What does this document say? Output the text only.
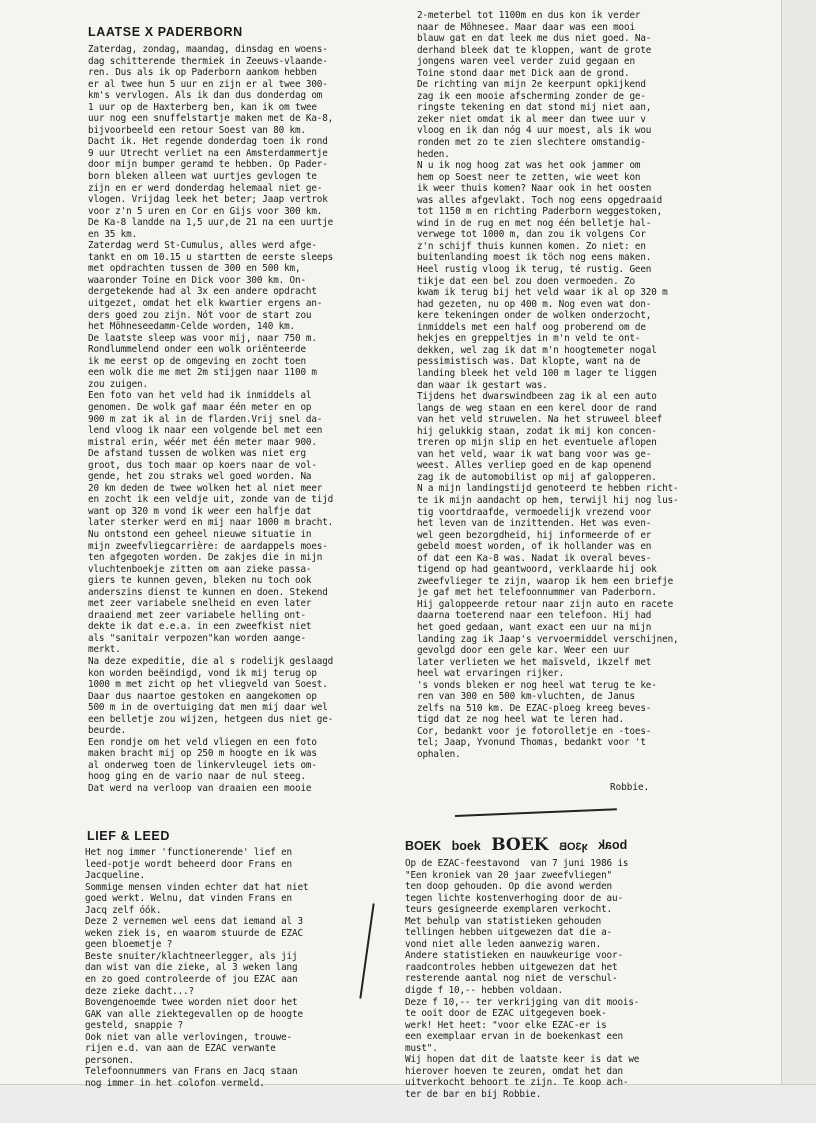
LAATSE X PADERBORN
Zaterdag, zondag, maandag, dinsdag en woens-
dag schitterende thermiek in Zeeuws-vlaande-
ren. Dus als ik op Paderborn aankom hebben
er al twee hun 5 uur en zijn er al twee 300-
km's vervlogen. Als ik dan dus donderdag om
1 uur op de Haxterberg ben, kan ik om twee
uur nog een snuffelstartje maken met de Ka-8,
bijvoorbeeld een retour Soest van 80 km.
Dacht ik. Het regende donderdag toen ik rond
9 uur Utrecht verliet na een Amsterdammertje
door mijn bumper geramd te hebben. Op Pader-
born bleken alleen wat uurtjes gevlogen te
zijn en er werd donderdag helemaal niet ge-
vlogen. Vrijdag leek het beter; Jaap vertrok
voor z'n 5 uren en Cor en Gijs voor 300 km.
De Ka-8 landde na 1,5 uur,de 21 na een uurtje
en 35 km.
Zaterdag werd St-Cumulus, alles werd afge-
tankt en om 10.15 u startten de eerste sleeps
met opdrachten tussen de 300 en 500 km,
waaronder Toine en Dick voor 300 km. On-
dergetekende had al 3x een andere opdracht
uitgezet, omdat het elk kwartier ergens an-
ders goed zou zijn. Nót voor de start zou
het Möhneseedamm-Celde worden, 140 km.
De laatste sleep was voor mij, naar 750 m.
Rondlummelend onder een wolk oriënteerde
ik me eerst op de omgeving en zocht toen
een wolk die me met 2m stijgen naar 1100 m
zou zuigen.
Een foto van het veld had ik inmiddels al
genomen. De wolk gaf maar één meter en op
900 m zat ik al in de flarden.Vrij snel da-
lend vloog ik naar een volgende bel met een
mistral erin, wéér met één meter maar 900.
De afstand tussen de wolken was niet erg
groot, dus toch maar op koers naar de vol-
gende, het zou straks wel goed worden. Na
20 km deden de twee wolken het al niet meer
en zocht ik een veldje uit, zonde van de tijd
want op 320 m vond ik weer een halfje dat
later sterker werd en mij naar 1000 m bracht.
Nu ontstond een geheel nieuwe situatie in
mijn zweefvliegcarrière: de aardappels moes-
ten afgegoten worden. De zakjes die in mijn
vluchtenboekje zitten om aan zieke passa-
giers te kunnen geven, bleken nu toch ook
anderszins dienst te kunnen en doen. Stekend
met zeer variabele snelheid en even later
draaiend met zeer variabele helling ont-
dekte ik dat e.e.a. in een zweefkist niet
als "sanitair verpozen"kan worden aange-
merkt.
Na deze expeditie, die al s rodelijk geslaagd
kon worden beëindigd, vond ik mij terug op
1000 m met zicht op het vliegveld van Soest.
Daar dus naartoe gestoken en aangekomen op
500 m in de overtuiging dat men mij daar wel
een belletje zou wijzen, hetgeen dus niet ge-
beurde.
Een rondje om het veld vliegen en een foto
maken bracht mij op 250 m hoogte en ik was
al onderweg toen de linkervleugel iets om-
hoog ging en de vario naar de nul steeg.
Dat werd na verloop van draaien een mooie
2-meterbel tot 1100m en dus kon ik verder
naar de Möhnesee. Maar daar was een mooi
blauw gat en dat leek me dus niet goed. Na-
derhand bleek dat te kloppen, want de grote
jongens waren veel verder zuid gegaan en
Toine stond daar met Dick aan de grond.
De richting van mijn 2e keerpunt opkijkend
zag ik een mooie afscherming zonder de ge-
ringste tekening en dat stond mij niet aan,
zeker niet omdat ik al meer dan twee uur v
vloog en ik dan nóg 4 uur moest, als ik wou
ronden met zo te zien slechtere omstandig-
heden.
N u ik nog hoog zat was het ook jammer om
hem op Soest neer te zetten, wie weet kon
ik weer thuis komen? Naar ook in het oosten
was alles afgevlakt. Toch nog eens opgedraaid
tot 1150 m en richting Paderborn weggestoken,
wind in de rug en met nog één belletje hal-
verwege tot 1000 m, dan zou ik volgens Cor
z'n schijf thuis kunnen komen. Zo niet: en
buitenlanding moest ik töch nog eens maken.
Heel rustig vloog ik terug, té rustig. Geen
tikje dat een bel zou doen vermoeden. Zo
kwam ik terug bij het veld waar ik al op 320 m
had gezeten, nu op 400 m. Nog even wat don-
kere tekeningen onder de wolken onderzocht,
inmiddels met een half oog proberend om de
hekjes en greppeltjes in m'n veld te ont-
dekken, wel zag ik dat m'n hoogtemeter nogal
pessimistisch was. Dat klopte, want na de
landing bleek het veld 100 m lager te liggen
dan waar ik gestart was.
Tijdens het dwarswindbeen zag ik al een auto
langs de weg staan en een kerel door de rand
van het veld struwelen. Na het struweel bleef
hij gelukkig staan, zodat ik mij kon concen-
treren op mijn slip en het eventuele aflopen
van het veld, waar ik wat bang voor was ge-
weest. Alles verliep goed en de kap openend
zag ik de automobilist op mij af galopperen.
N a mijn landingstijd genoteerd te hebben richt-
te ik mijn aandacht op hem, terwijl hij nog lus-
tig voortdraafde, vermoedelijk vrezend voor
het leven van de inzittenden. Het was even-
wel geen bezorgdheid, hij informeerde of er
gebeld moest worden, of ik hollander was en
of dat een Ka-8 was. Nadat ik overal beves-
tigend op had geantwoord, verklaarde hij ook
zweefvlieger te zijn, waarop ik hem een briefje
je gaf met het telefoonnummer van Paderborn.
Hij galoppeerde retour naar zijn auto en racete
daarna toeterend naar een telefoon. Hij had
het goed gedaan, want exact een uur na mijn
landing zag ik Jaap's vervoermiddel verschijnen,
gevolgd door een gele kar. Weer een uur
later verlieten we het maïsveld, ikzelf met
heel wat ervaringen rijker.
's vonds bleken er nog heel wat terug te ke-
ren van 300 en 500 km-vluchten, de Janus
zelfs na 510 km. De EZAC-ploeg kreeg beves-
tigd dat ze nog heel wat te leren had.
Cor, bedankt voor je fotorolletje en -toes-
tel; Jaap, Yvonund Thomas, bedankt voor 't
ophalen.
Robbie.
LIEF & LEED
Het nog immer 'functionerende' lief en
leed-potje wordt beheerd door Frans en
Jacqueline.
Sommige mensen vinden echter dat hat niet
goed werkt. Welnu, dat vinden Frans en
Jacq zelf óók.
Deze 2 vernemen wel eens dat iemand al 3
weken ziek is, en waarom stuurde de EZAC
geen bloemetje ?
Beste snuiter/klachtneerlegger, als jij
dan wist van die zieke, al 3 weken lang
en zo goed controleerde of jou EZAC aan
deze zieke dacht...?
Bovengenoemde twee worden niet door het
GAK van alle ziektegevallen op de hoogte
gesteld, snappie ?
Ook niet van alle verlovingen, trouwe-
rijen e.d. van aan de EZAC verwante
personen.
Telefoonnummers van Frans en Jacq staan
nog immer in het colofon vermeld.
BOEK boek BOEK ʞ3OB ʞɐoq
Op de EZAC-feestavond  van 7 juni 1986 is
"Een kroniek van 20 jaar zweefvliegen"
ten doop gehouden. Op die avond werden
tegen lichte kostenverhoging door de au-
teurs gesigneerde exemplaren verkocht.
Met behulp van statistieken gehouden
tellingen hebben uitgewezen dat die a-
vond niet alle leden aanwezig waren.
Andere statistieken en nauwkeurige voor-
raadcontroles hebben uitgewezen dat het
resterende aantal nog niet de verschul-
digde f 10,-- hebben voldaan.
Deze f 10,-- ter verkrijging van dit moois-
te ooit door de EZAC uitgegeven boek-
werk! Het heet: "voor elke EZAC-er is
een exemplaar ervan in de boekenkast een
must".
Wij hopen dat dit de laatste keer is dat we
hierover hoeven te zeuren, omdat het dan
uitverkocht behoort te zijn. Te koop ach-
ter de bar en bij Robbie.
